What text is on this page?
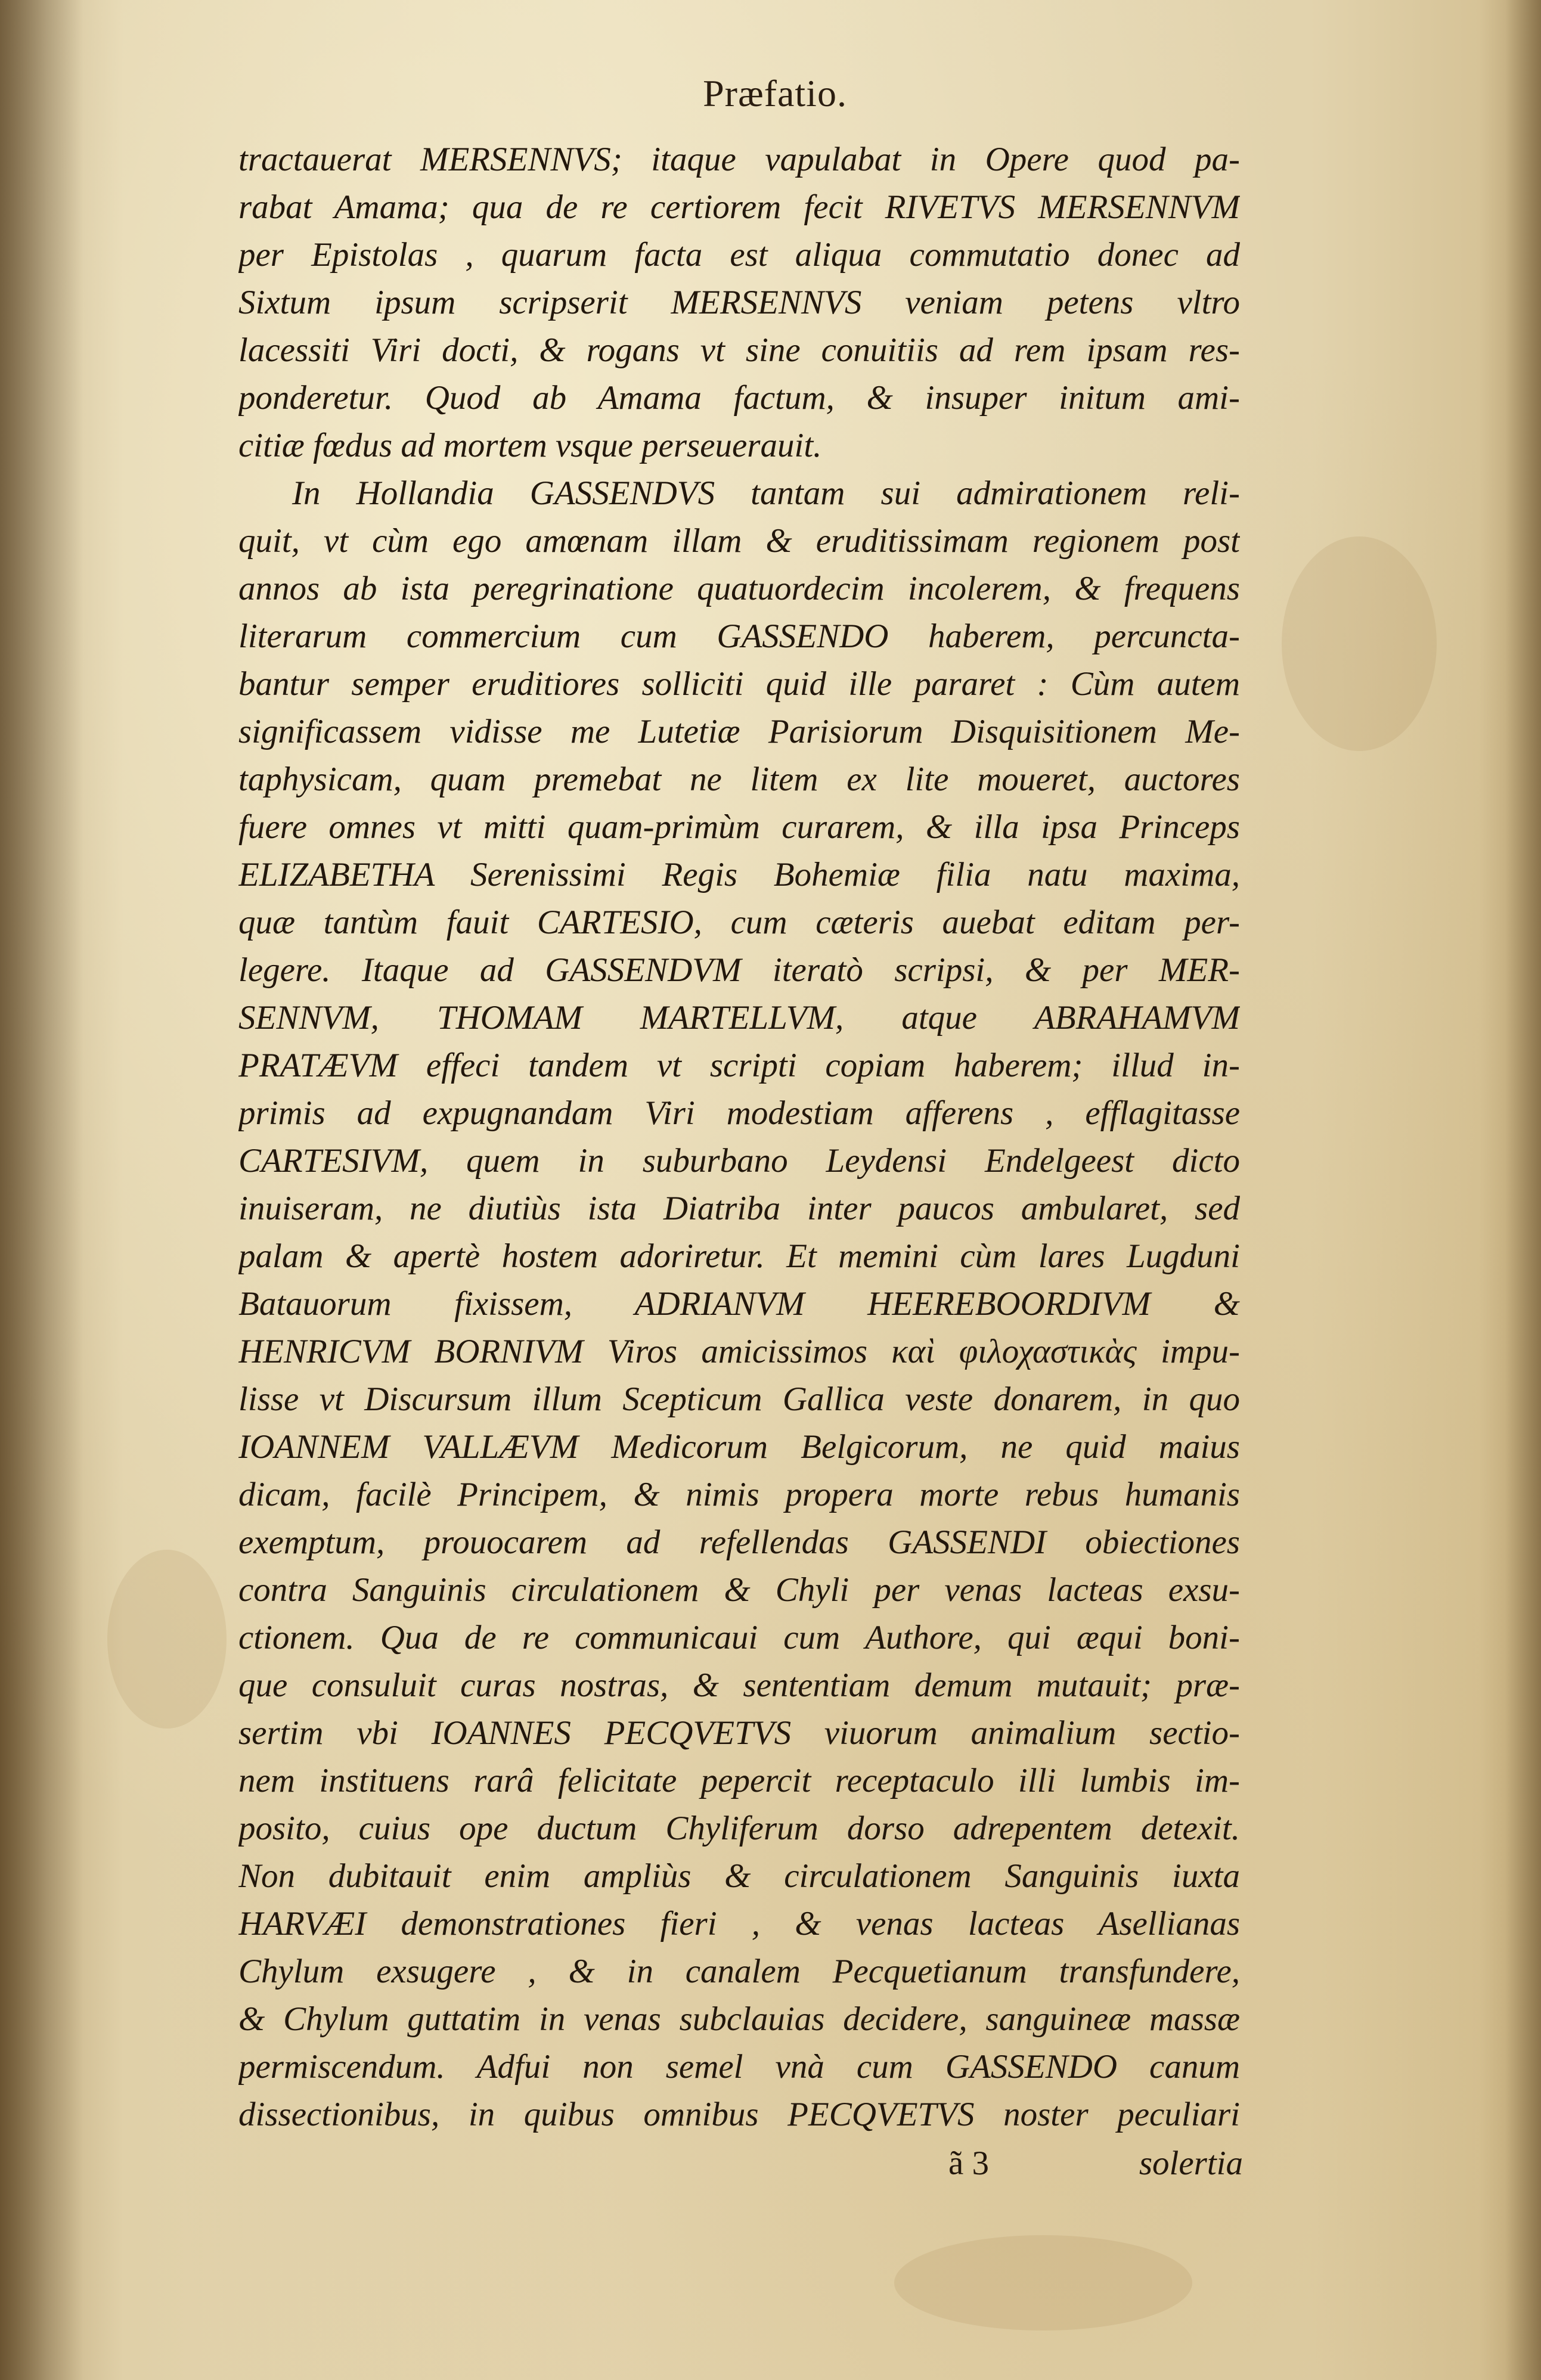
Præfatio.
tractauerat MERSENNVS; itaque vapulabat in Opere quod pa-
rabat Amama; qua de re certiorem fecit RIVETVS MERSENNVM
per Epistolas , quarum facta est aliqua commutatio donec ad
Sixtum ipsum scripserit MERSENNVS veniam petens vltro
lacessiti Viri docti, & rogans vt sine conuitiis ad rem ipsam res-
ponderetur. Quod ab Amama factum, & insuper initum ami-
citiæ fœdus ad mortem vsque perseuerauit.
In Hollandia GASSENDVS tantam sui admirationem reli-
quit, vt cùm ego amœnam illam & eruditissimam regionem post
annos ab ista peregrinatione quatuordecim incolerem, & frequens
literarum commercium cum GASSENDO haberem, percuncta-
bantur semper eruditiores solliciti quid ille pararet : Cùm autem
significassem vidisse me Lutetiæ Parisiorum Disquisitionem Me-
taphysicam, quam premebat ne litem ex lite moueret, auctores
fuere omnes vt mitti quam-primùm curarem, & illa ipsa Princeps
ELIZABETHA Serenissimi Regis Bohemiæ filia natu maxima,
quæ tantùm fauit CARTESIO, cum cæteris auebat editam per-
legere. Itaque ad GASSENDVM iteratò scripsi, & per MER-
SENNVM, THOMAM MARTELLVM, atque ABRAHAMVM
PRATÆVM effeci tandem vt scripti copiam haberem; illud in-
primis ad expugnandam Viri modestiam afferens , efflagitasse
CARTESIVM, quem in suburbano Leydensi Endelgeest dicto
inuiseram, ne diutiùs ista Diatriba inter paucos ambularet, sed
palam & apertè hostem adoriretur. Et memini cùm lares Lugduni
Batauorum fixissem, ADRIANVM HEEREBOORDIVM &
HENRICVM BORNIVM Viros amicissimos καὶ φιλοχαστικὰς impu-
lisse vt Discursum illum Scepticum Gallica veste donarem, in quo
IOANNEM VALLÆVM Medicorum Belgicorum, ne quid maius
dicam, facilè Principem, & nimis propera morte rebus humanis
exemptum, prouocarem ad refellendas GASSENDI obiectiones
contra Sanguinis circulationem & Chyli per venas lacteas exsu-
ctionem. Qua de re communicaui cum Authore, qui æqui boni-
que consuluit curas nostras, & sententiam demum mutauit; præ-
sertim vbi IOANNES PECQVETVS viuorum animalium sectio-
nem instituens rarâ felicitate pepercit receptaculo illi lumbis im-
posito, cuius ope ductum Chyliferum dorso adrepentem detexit.
Non dubitauit enim ampliùs & circulationem Sanguinis iuxta
HARVÆI demonstrationes fieri , & venas lacteas Asellianas
Chylum exsugere , & in canalem Pecquetianum transfundere,
& Chylum guttatim in venas subclauias decidere, sanguineæ massæ
permiscendum. Adfui non semel vnà cum GASSENDO canum
dissectionibus, in quibus omnibus PECQVETVS noster peculiari
ã 3	solertia
